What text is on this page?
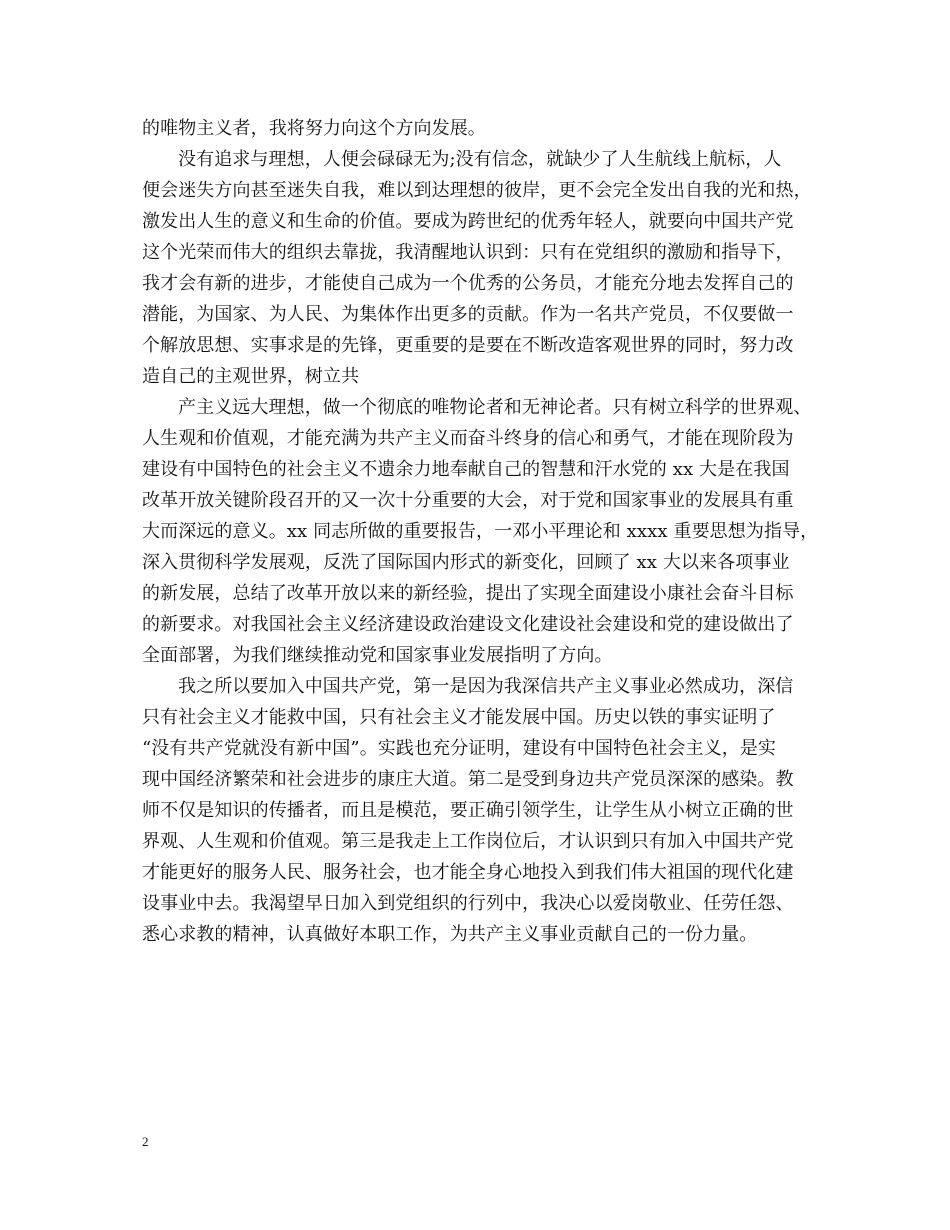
的唯物主义者，我将努力向这个方向发展。
没有追求与理想，人便会碌碌无为;没有信念，就缺少了人生航线上航标，人
便会迷失方向甚至迷失自我，难以到达理想的彼岸，更不会完全发出自我的光和热，
激发出人生的意义和生命的价值。要成为跨世纪的优秀年轻人，就要向中国共产党
这个光荣而伟大的组织去靠拢，我清醒地认识到：只有在党组织的激励和指导下，
我才会有新的进步，才能使自己成为一个优秀的公务员，才能充分地去发挥自己的
潜能，为国家、为人民、为集体作出更多的贡献。作为一名共产党员，不仅要做一
个解放思想、实事求是的先锋，更重要的是要在不断改造客观世界的同时，努力改
造自己的主观世界，树立共
产主义远大理想，做一个彻底的唯物论者和无神论者。只有树立科学的世界观、
人生观和价值观，才能充满为共产主义而奋斗终身的信心和勇气，才能在现阶段为
建设有中国特色的社会主义不遗余力地奉献自己的智慧和汗水党的 xx 大是在我国
改革开放关键阶段召开的又一次十分重要的大会，对于党和国家事业的发展具有重
大而深远的意义。xx 同志所做的重要报告，一邓小平理论和 xxxx 重要思想为指导，
深入贯彻科学发展观，反洗了国际国内形式的新变化，回顾了 xx 大以来各项事业
的新发展，总结了改革开放以来的新经验，提出了实现全面建设小康社会奋斗目标
的新要求。对我国社会主义经济建设政治建设文化建设社会建设和党的建设做出了
全面部署，为我们继续推动党和国家事业发展指明了方向。
我之所以要加入中国共产党，第一是因为我深信共产主义事业必然成功，深信
只有社会主义才能救中国，只有社会主义才能发展中国。历史以铁的事实证明了
“没有共产党就没有新中国”。实践也充分证明，建设有中国特色社会主义，是实
现中国经济繁荣和社会进步的康庄大道。第二是受到身边共产党员深深的感染。教
师不仅是知识的传播者，而且是模范，要正确引领学生，让学生从小树立正确的世
界观、人生观和价值观。第三是我走上工作岗位后，才认识到只有加入中国共产党
才能更好的服务人民、服务社会，也才能全身心地投入到我们伟大祖国的现代化建
设事业中去。我渴望早日加入到党组织的行列中，我决心以爱岗敬业、任劳任怨、
悉心求教的精神，认真做好本职工作，为共产主义事业贡献自己的一份力量。
2
